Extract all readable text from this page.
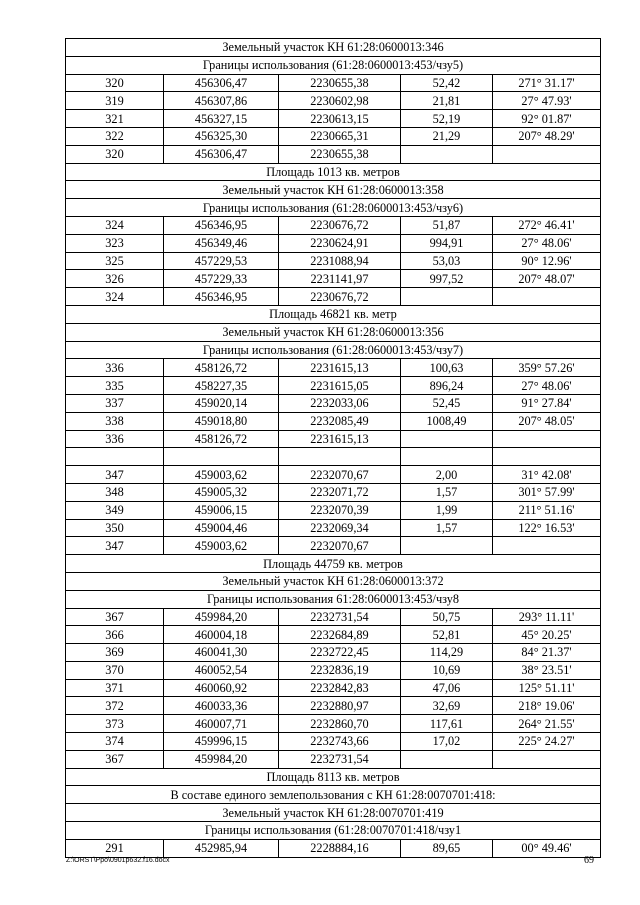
Земельный участок КН 61:28:0600013:346				
Границы использования (61:28:0600013:453/чзу5)				
320	456306,47	2230655,38	52,42	271° 31.17'
319	456307,86	2230602,98	21,81	27° 47.93'
321	456327,15	2230613,15	52,19	92° 01.87'
322	456325,30	2230665,31	21,29	207° 48.29'
320	456306,47	2230655,38		
Площадь 1013 кв. метров				
Земельный участок КН 61:28:0600013:358				
Границы использования (61:28:0600013:453/чзу6)				
324	456346,95	2230676,72	51,87	272° 46.41'
323	456349,46	2230624,91	994,91	27° 48.06'
325	457229,53	2231088,94	53,03	90° 12.96'
326	457229,33	2231141,97	997,52	207° 48.07'
324	456346,95	2230676,72		
Площадь 46821 кв. метр				
Земельный участок КН 61:28:0600013:356				
Границы использования (61:28:0600013:453/чзу7)				
336	458126,72	2231615,13	100,63	359° 57.26'
335	458227,35	2231615,05	896,24	27° 48.06'
337	459020,14	2232033,06	52,45	91° 27.84'
338	459018,80	2232085,49	1008,49	207° 48.05'
336	458126,72	2231615,13		

347	459003,62	2232070,67	2,00	31° 42.08'
348	459005,32	2232071,72	1,57	301° 57.99'
349	459006,15	2232070,39	1,99	211° 51.16'
350	459004,46	2232069,34	1,57	122° 16.53'
347	459003,62	2232070,67		
Площадь 44759 кв. метров				
Земельный участок КН 61:28:0600013:372				
Границы использования 61:28:0600013:453/чзу8				
367	459984,20	2232731,54	50,75	293° 11.11'
366	460004,18	2232684,89	52,81	45° 20.25'
369	460041,30	2232722,45	114,29	84° 21.37'
370	460052,54	2232836,19	10,69	38° 23.51'
371	460060,92	2232842,83	47,06	125° 51.11'
372	460033,36	2232880,97	32,69	218° 19.06'
373	460007,71	2232860,70	117,61	264° 21.55'
374	459996,15	2232743,66	17,02	225° 24.27'
367	459984,20	2232731,54		
Площадь 8113 кв. метров				
В составе единого землепользования с КН 61:28:0070701:418:				
Земельный участок КН 61:28:0070701:419				
Границы использования (61:28:0070701:418/чзу1				
291	452985,94	2228884,16	89,65	00° 49.46'
Z:\ORST\Ppo\0901p632.f16.docx	69
